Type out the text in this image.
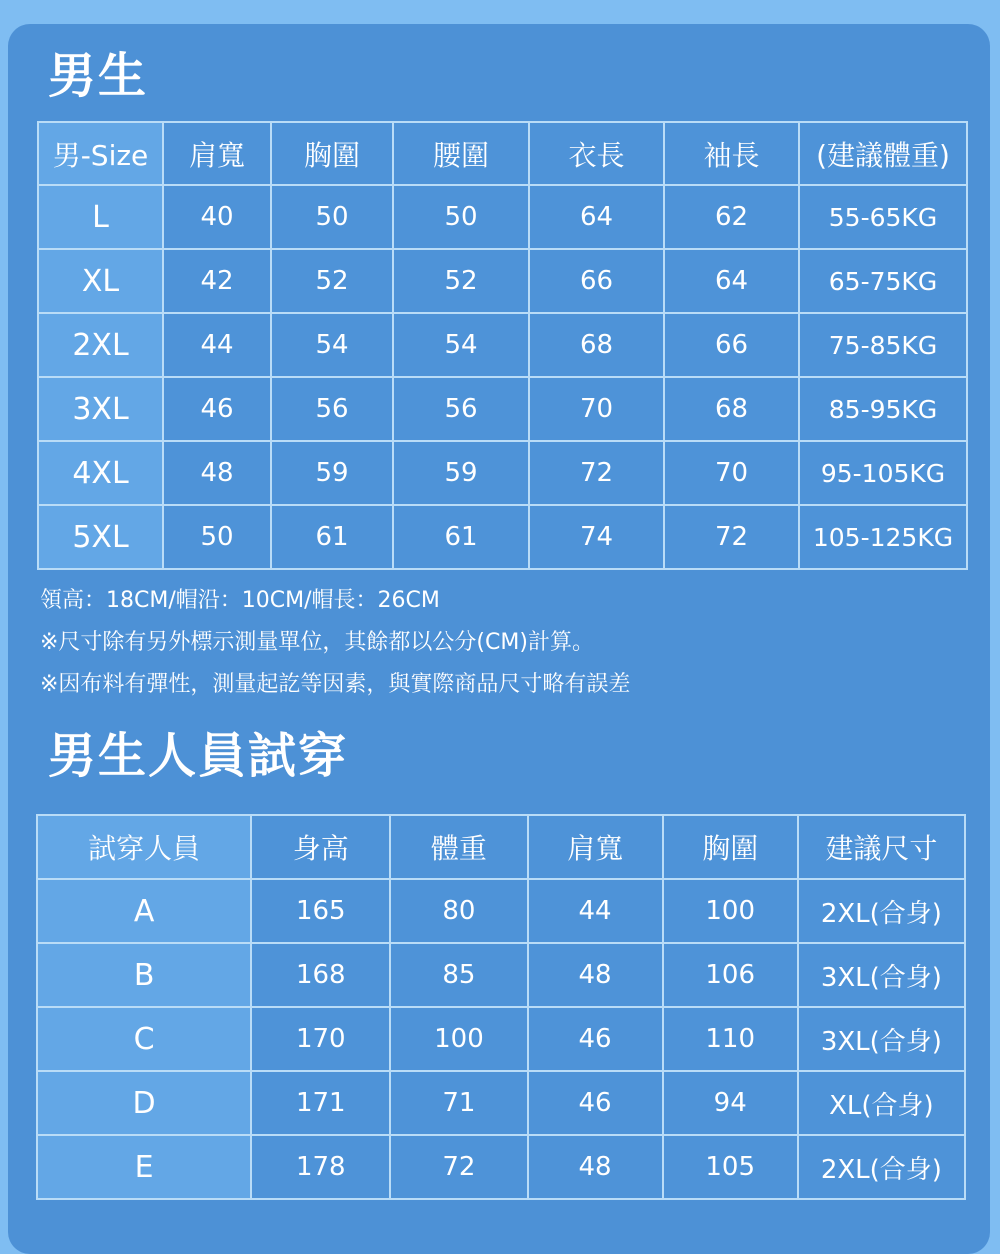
男生
男-Size	肩寬	胸圍	腰圍	衣長	袖長	(建議體重)
L	40	50	50	64	62	55-65KG
XL	42	52	52	66	64	65-75KG
2XL	44	54	54	68	66	75-85KG
3XL	46	56	56	70	68	85-95KG
4XL	48	59	59	72	70	95-105KG
5XL	50	61	61	74	72	105-125KG
領高：18CM/帽沿：10CM/帽長：26CM
※尺寸除有另外標示測量單位，其餘都以公分(CM)計算。
※因布料有彈性，測量起訖等因素，與實際商品尺寸略有誤差
男生人員試穿
試穿人員	身高	體重	肩寬	胸圍	建議尺寸
A	165	80	44	100	2XL(合身)
B	168	85	48	106	3XL(合身)
C	170	100	46	110	3XL(合身)
D	171	71	46	94	XL(合身)
E	178	72	48	105	2XL(合身)
